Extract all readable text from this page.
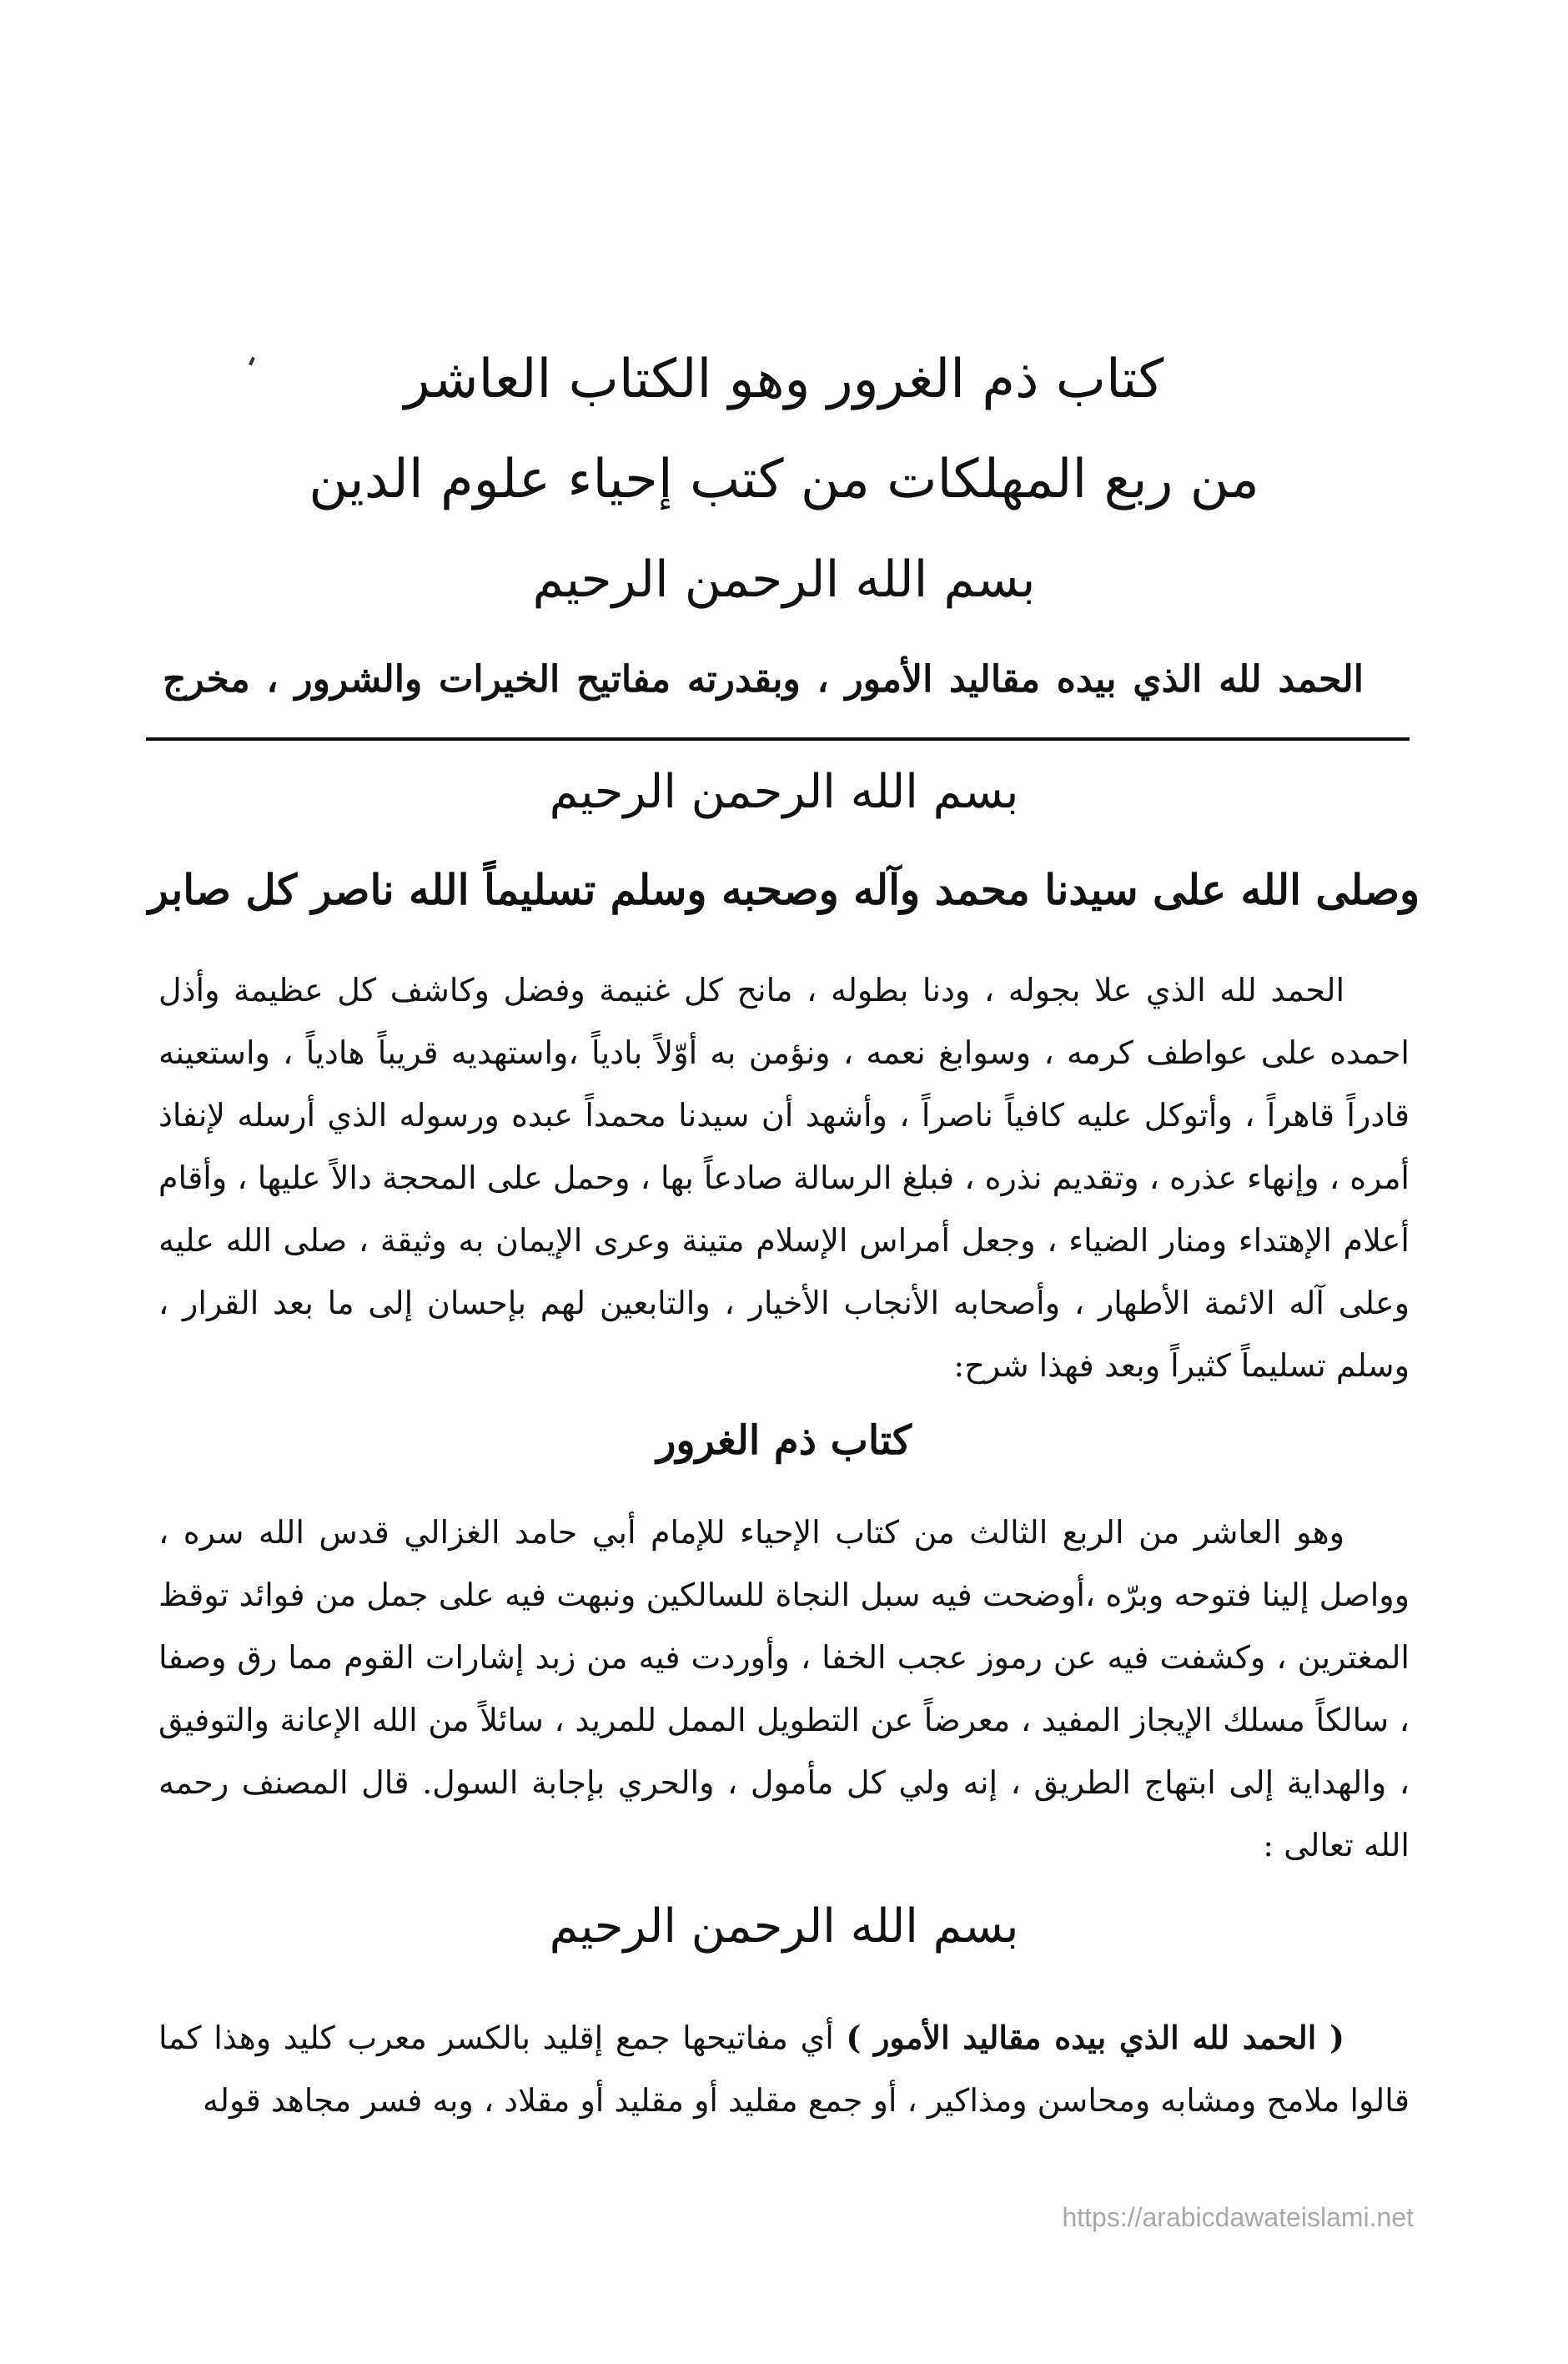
كتاب ذم الغرور وهو الكتاب العاشر
من ربع المهلكات من كتب إحياء علوم الدين
بسم الله الرحمن الرحيم
الحمد لله الذي بيده مقاليد الأمور ، وبقدرته مفاتيح الخيرات والشرور ، مخرج
بسم الله الرحمن الرحيم
وصلى الله على سيدنا محمد وآله وصحبه وسلم تسليماً الله ناصر كل صابر

الحمد لله الذي علا بجوله ، ودنا بطوله ، مانح كل غنيمة وفضل وكاشف كل عظيمة وأذل احمده على عواطف كرمه ، وسوابغ نعمه ، ونؤمن به أوّلاً بادياً ،واستهديه قريباً هادياً ، واستعينه قادراً قاهراً ، وأتوكل عليه كافياً ناصراً ، وأشهد أن سيدنا محمداً عبده ورسوله الذي أرسله لإنفاذ أمره ، وإنهاء عذره ، وتقديم نذره ، فبلغ الرسالة صادعاً بها ، وحمل على المحجة دالاً عليها ، وأقام أعلام الإهتداء ومنار الضياء ، وجعل أمراس الإسلام متينة وعرى الإيمان به وثيقة ، صلى الله عليه وعلى آله الائمة الأطهار ، وأصحابه الأنجاب الأخيار ، والتابعين لهم بإحسان إلى ما بعد القرار ، وسلم تسليماً كثيراً وبعد فهذا شرح:

كتاب ذم الغرور

وهو العاشر من الربع الثالث من كتاب الإحياء للإمام أبي حامد الغزالي قدس الله سره ، وواصل إلينا فتوحه وبرّه ،أوضحت فيه سبل النجاة للسالكين ونبهت فيه على جمل من فوائد توقظ المغترين ، وكشفت فيه عن رموز عجب الخفا ، وأوردت فيه من زبد إشارات القوم مما رق وصفا ، سالكاً مسلك الإيجاز المفيد ، معرضاً عن التطويل الممل للمريد ، سائلاً من الله الإعانة والتوفيق ، والهداية إلى ابتهاج الطريق ، إنه ولي كل مأمول ، والحري بإجابة السول. قال المصنف رحمه الله تعالى :

بسم الله الرحمن الرحيم

( الحمد لله الذي بيده مقاليد الأمور ) أي مفاتيحها جمع إقليد بالكسر معرب كليد وهذا كما قالوا ملامح ومشابه ومحاسن ومذاكير ، أو جمع مقليد أو مقليد أو مقلاد ، وبه فسر مجاهد قوله

https://arabicdawateislami.net
